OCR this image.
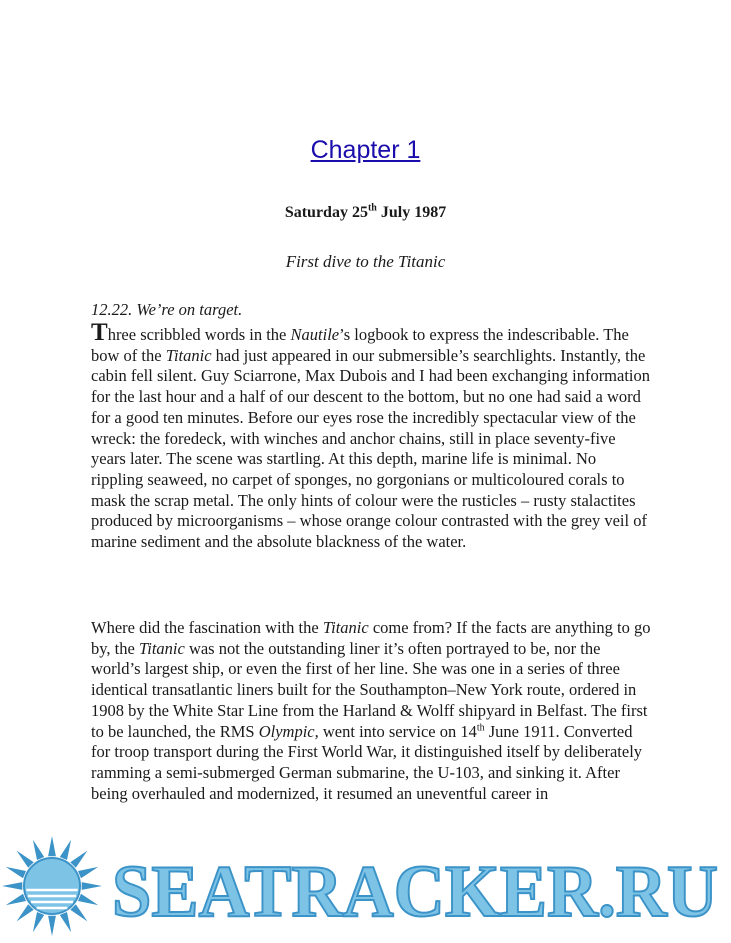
Chapter 1
Saturday 25th July 1987
First dive to the Titanic

12.22. We’re on target.

Three scribbled words in the Nautile’s logbook to express the indescribable. The bow of the Titanic had just appeared in our submersible’s searchlights. Instantly, the cabin fell silent. Guy Sciarrone, Max Dubois and I had been exchanging information for the last hour and a half of our descent to the bottom, but no one had said a word for a good ten minutes. Before our eyes rose the incredibly spectacular view of the wreck: the foredeck, with winches and anchor chains, still in place seventy-five years later. The scene was startling. At this depth, marine life is minimal. No rippling seaweed, no carpet of sponges, no gorgonians or multicoloured corals to mask the scrap metal. The only hints of colour were the rusticles – rusty stalactites produced by microorganisms – whose orange colour contrasted with the grey veil of marine sediment and the absolute blackness of the water.

Where did the fascination with the Titanic come from? If the facts are anything to go by, the Titanic was not the outstanding liner it’s often portrayed to be, nor the world’s largest ship, or even the first of her line. She was one in a series of three identical transatlantic liners built for the Southampton–New York route, ordered in 1908 by the White Star Line from the Harland & Wolff shipyard in Belfast. The first to be launched, the RMS Olympic, went into service on 14th June 1911. Converted for troop transport during the First World War, it distinguished itself by deliberately ramming a semi-submerged German submarine, the U-103, and sinking it. After being overhauled and modernized, it resumed an uneventful career in

SEATRACKER.RU
